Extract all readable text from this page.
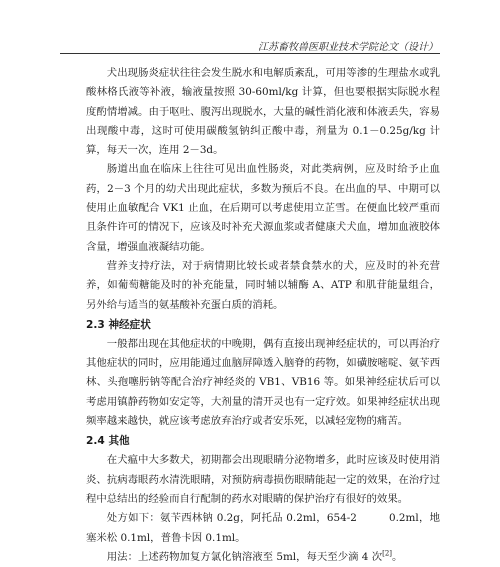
江苏畜牧兽医职业技术学院论文（设计）

犬出现肠炎症状往往会发生脱水和电解质紊乱，可用等渗的生理盐水或乳酸林格氏液等补液，输液量按照 30-60ml/kg 计算，但也要根据实际脱水程度酌情增减。由于呕吐、腹泻出现脱水，大量的碱性消化液和体液丢失，容易出现酸中毒，这时可使用碳酸氢钠纠正酸中毒，剂量为 0.1－0.25g/kg 计算，每天一次，连用 2－3d。

肠道出血在临床上往往可见出血性肠炎，对此类病例，应及时给予止血药，2－3 个月的幼犬出现此症状，多数为预后不良。在出血的早、中期可以使用止血敏配合 VK1 止血，在后期可以考虑使用立芷雪。在便血比较严重而且条件许可的情况下，应该及时补充犬源血浆或者健康犬犬血，增加血液胶体含量，增强血液凝结功能。

营养支持疗法，对于病情期比较长或者禁食禁水的犬，应及时的补充营养，如葡萄糖能及时的补充能量，同时辅以辅酶 A、ATP 和肌苷能量组合，另外给与适当的氨基酸补充蛋白质的消耗。

2.3 神经症状

一般都出现在其他症状的中晚期，偶有直接出现神经症状的，可以再治疗其他症状的同时，应用能通过血脑屏障透入脑脊的药物，如磺胺嘧啶、氨苄西林、头孢噻肟钠等配合治疗神经炎的 VB1、VB16 等。如果神经症状后可以考虑用镇静药物如安定等，大剂量的清开灵也有一定疗效。如果神经症状出现频率越来越快，就应该考虑放弃治疗或者安乐死，以减轻宠物的痛苦。

2.4 其他

在犬瘟中大多数犬，初期都会出现眼睛分泌物增多，此时应该及时使用消炎、抗病毒眼药水清洗眼睛，对预防病毒损伤眼睛能起一定的效果，在治疗过程中总结出的经验而自行配制的药水对眼睛的保护治疗有很好的效果。

处方如下：氨苄西林钠 0.2g，阿托品 0.2ml，654-2　　　0.2ml，地塞米松 0.1ml，普鲁卡因 0.1ml。

用法：上述药物加复方氯化钠溶液至 5ml，每天至少滴 4 次[2]。
